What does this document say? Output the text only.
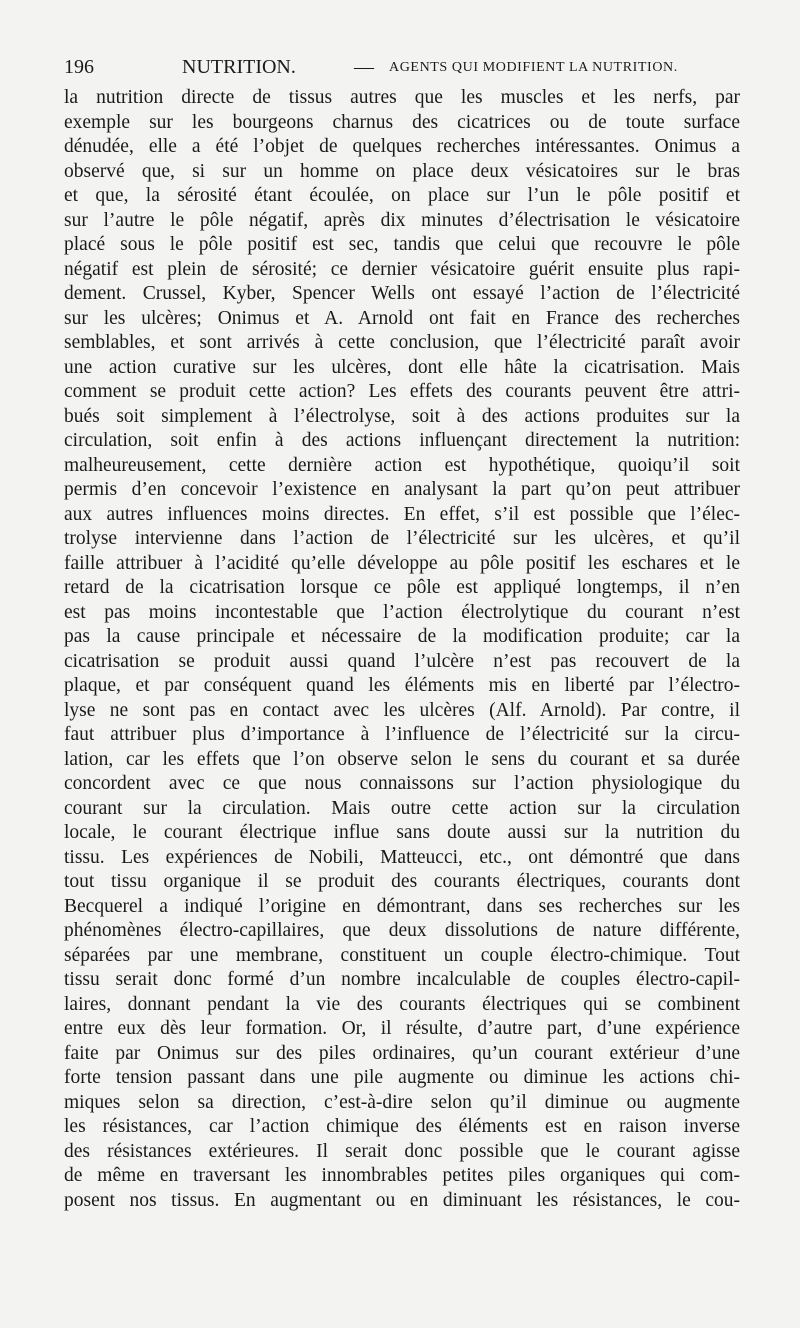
196	NUTRITION.	— AGENTS QUI MODIFIENT LA NUTRITION.
la nutrition directe de tissus autres que les muscles et les nerfs, par
exemple sur les bourgeons charnus des cicatrices ou de toute surface
dénudée, elle a été l’objet de quelques recherches intéressantes. Onimus a
observé que, si sur un homme on place deux vésicatoires sur le bras
et que, la sérosité étant écoulée, on place sur l’un le pôle positif et
sur l’autre le pôle négatif, après dix minutes d’électrisation le vésicatoire
placé sous le pôle positif est sec, tandis que celui que recouvre le pôle
négatif est plein de sérosité; ce dernier vésicatoire guérit ensuite plus rapi-
dement. Crussel, Kyber, Spencer Wells ont essayé l’action de l’électricité
sur les ulcères; Onimus et A. Arnold ont fait en France des recherches
semblables, et sont arrivés à cette conclusion, que l’électricité paraît avoir
une action curative sur les ulcères, dont elle hâte la cicatrisation. Mais
comment se produit cette action? Les effets des courants peuvent être attri-
bués soit simplement à l’électrolyse, soit à des actions produites sur la
circulation, soit enfin à des actions influençant directement la nutrition:
malheureusement, cette dernière action est hypothétique, quoiqu’il soit
permis d’en concevoir l’existence en analysant la part qu’on peut attribuer
aux autres influences moins directes. En effet, s’il est possible que l’élec-
trolyse intervienne dans l’action de l’électricité sur les ulcères, et qu’il
faille attribuer à l’acidité qu’elle développe au pôle positif les eschares et le
retard de la cicatrisation lorsque ce pôle est appliqué longtemps, il n’en
est pas moins incontestable que l’action électrolytique du courant n’est
pas la cause principale et nécessaire de la modification produite; car la
cicatrisation se produit aussi quand l’ulcère n’est pas recouvert de la
plaque, et par conséquent quand les éléments mis en liberté par l’électro-
lyse ne sont pas en contact avec les ulcères (Alf. Arnold). Par contre, il
faut attribuer plus d’importance à l’influence de l’électricité sur la circu-
lation, car les effets que l’on observe selon le sens du courant et sa durée
concordent avec ce que nous connaissons sur l’action physiologique du
courant sur la circulation. Mais outre cette action sur la circulation
locale, le courant électrique influe sans doute aussi sur la nutrition du
tissu. Les expériences de Nobili, Matteucci, etc., ont démontré que dans
tout tissu organique il se produit des courants électriques, courants dont
Becquerel a indiqué l’origine en démontrant, dans ses recherches sur les
phénomènes électro-capillaires, que deux dissolutions de nature différente,
séparées par une membrane, constituent un couple électro-chimique. Tout
tissu serait donc formé d’un nombre incalculable de couples électro-capil-
laires, donnant pendant la vie des courants électriques qui se combinent
entre eux dès leur formation. Or, il résulte, d’autre part, d’une expérience
faite par Onimus sur des piles ordinaires, qu’un courant extérieur d’une
forte tension passant dans une pile augmente ou diminue les actions chi-
miques selon sa direction, c’est-à-dire selon qu’il diminue ou augmente
les résistances, car l’action chimique des éléments est en raison inverse
des résistances extérieures. Il serait donc possible que le courant agisse
de même en traversant les innombrables petites piles organiques qui com-
posent nos tissus. En augmentant ou en diminuant les résistances, le cou-
